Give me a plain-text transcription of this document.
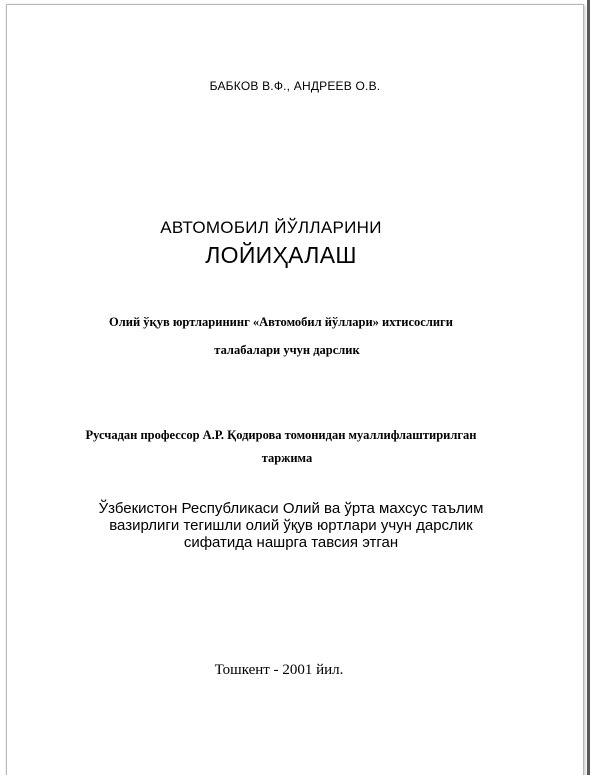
БАБКОВ В.Ф., АНДРЕЕВ О.В.
АВТОМОБИЛ ЙЎЛЛАРИНИ
ЛОЙИҲАЛАШ
Олий ўқув юртларининг «Автомобил йўллари» ихтисослиги
талабалари учун дарслик
Русчадан профессор А.Р. Қодирова томонидан муаллифлаштирилган
таржима
Ўзбекистон Республикаси Олий ва ўрта махсус таълим
вазирлиги тегишли олий ўқув юртлари учун дарслик
сифатида нашрга тавсия этган
Тошкент - 2001 йил.
